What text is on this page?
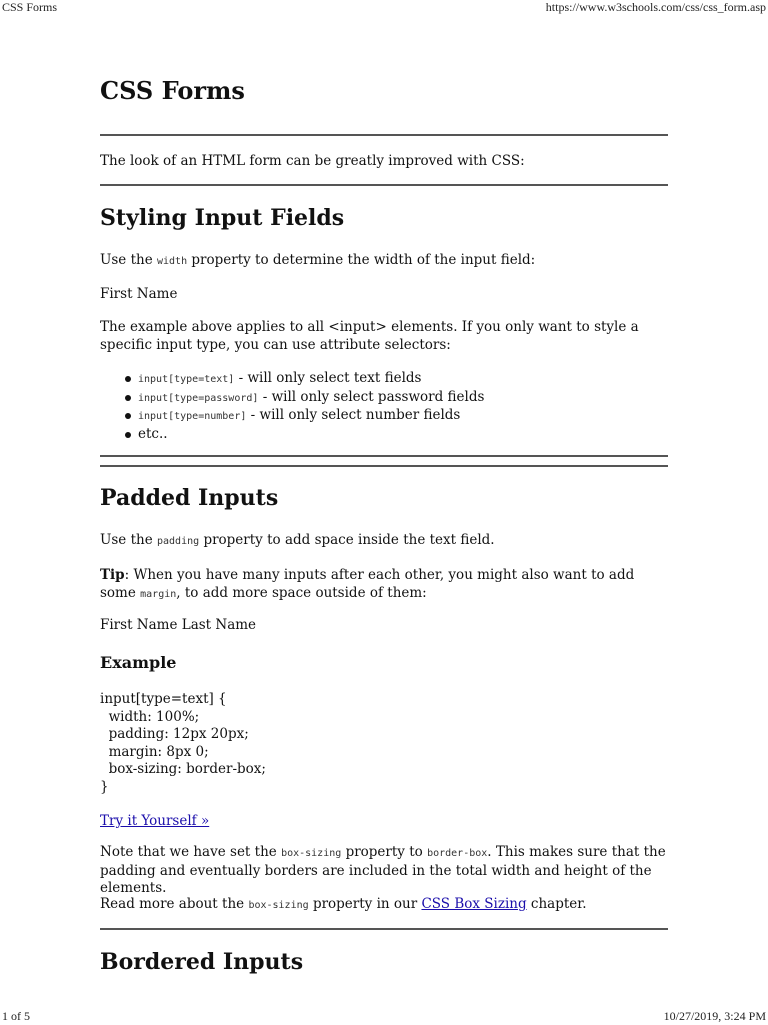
CSS Forms	https://www.w3schools.com/css/css_form.asp
CSS Forms

The look of an HTML form can be greatly improved with CSS:

Styling Input Fields

Use the width property to determine the width of the input field:

First Name

The example above applies to all <input> elements. If you only want to style a specific input type, you can use attribute selectors:

input[type=text] - will only select text fields
input[type=password] - will only select password fields
input[type=number] - will only select number fields
etc..
Padded Inputs

Use the padding property to add space inside the text field.

Tip: When you have many inputs after each other, you might also want to add some margin, to add more space outside of them:

First Name Last Name

Example
input[type=text] {
width: 100%;
padding: 12px 20px;
margin: 8px 0;
box-sizing: border-box;
}
Try it Yourself »

Note that we have set the box-sizing property to border-box. This makes sure that the padding and eventually borders are included in the total width and height of the elements.

Read more about the box-sizing property in our CSS Box Sizing chapter.

Bordered Inputs
1 of 5	10/27/2019, 3:24 PM
